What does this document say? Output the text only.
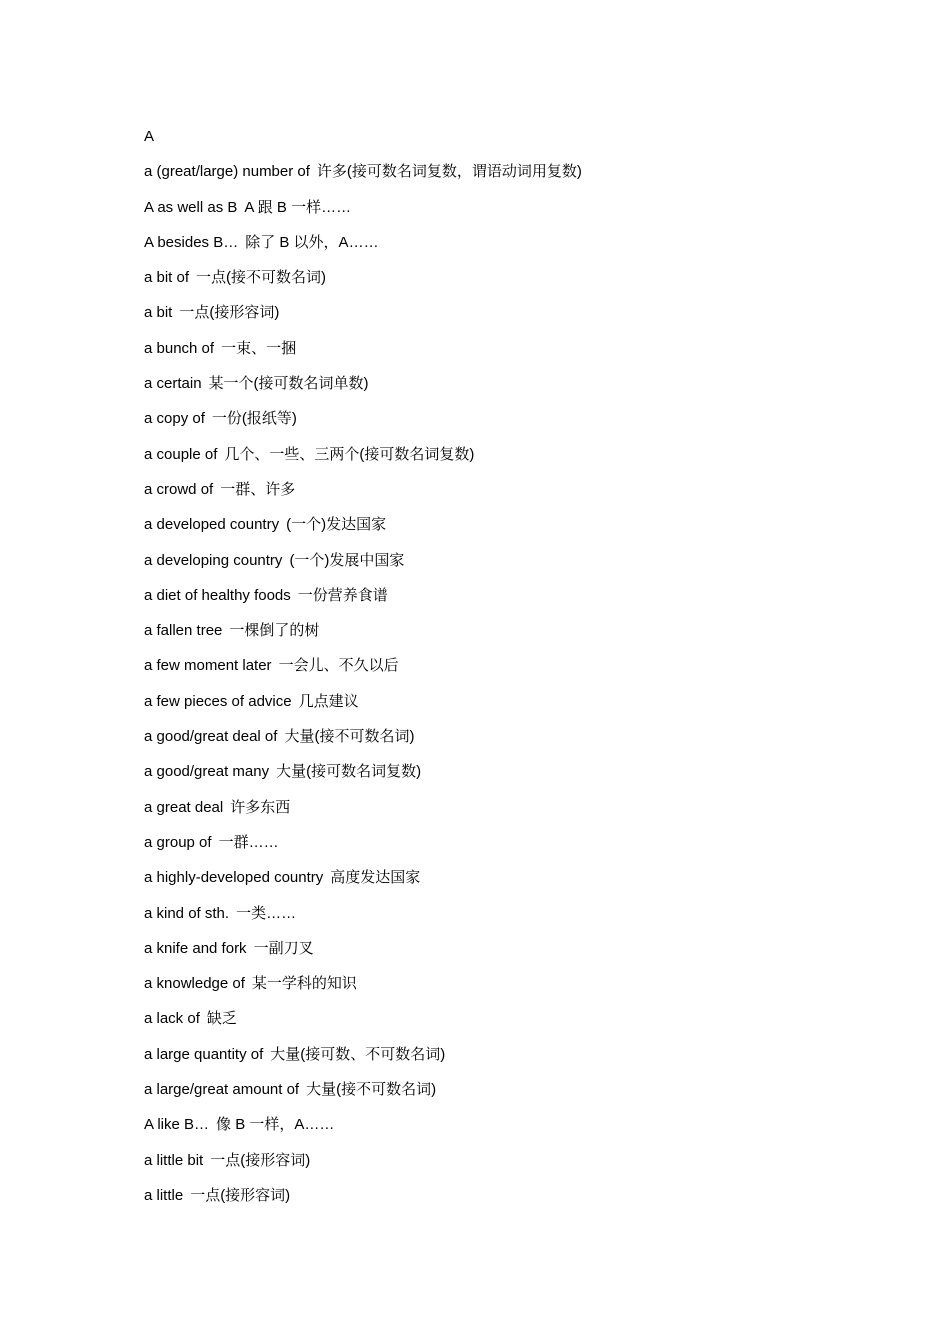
A
a (great/large) number of 许多(接可数名词复数，谓语动词用复数)
A as well as B A 跟 B 一样……
A besides B… 除了 B 以外，A……
a bit of 一点(接不可数名词)
a bit 一点(接形容词)
a bunch of 一束、一捆
a certain 某一个(接可数名词单数)
a copy of 一份(报纸等)
a couple of 几个、一些、三两个(接可数名词复数)
a crowd of 一群、许多
a developed country (一个)发达国家
a developing country (一个)发展中国家
a diet of healthy foods 一份营养食谱
a fallen tree 一棵倒了的树
a few moment later 一会儿、不久以后
a few pieces of advice 几点建议
a good/great deal of 大量(接不可数名词)
a good/great many 大量(接可数名词复数)
a great deal 许多东西
a group of 一群……
a highly-developed country 高度发达国家
a kind of sth. 一类……
a knife and fork 一副刀叉
a knowledge of 某一学科的知识
a lack of 缺乏
a large quantity of 大量(接可数、不可数名词)
a large/great amount of 大量(接不可数名词)
A like B… 像 B 一样，A……
a little bit 一点(接形容词)
a little 一点(接形容词)
